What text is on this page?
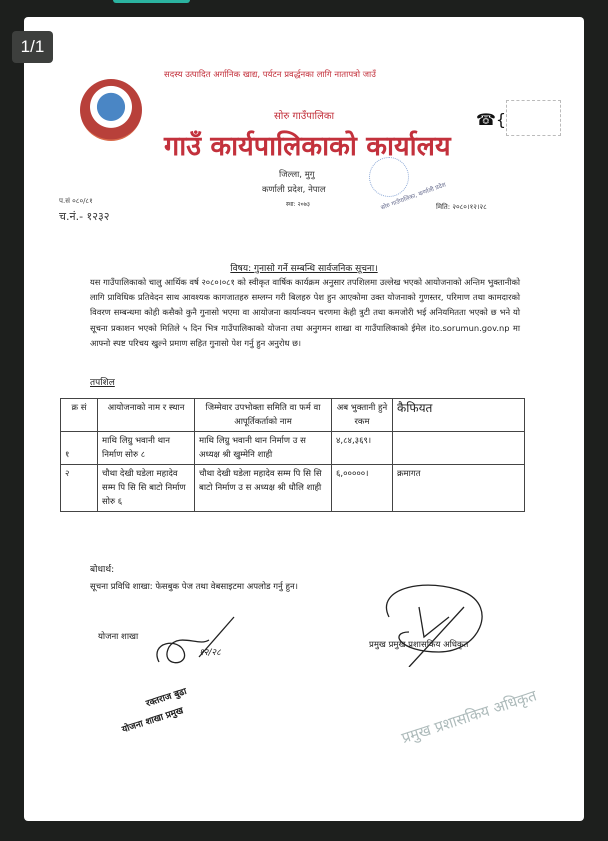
1/1
सदस्य उत्पादित अर्गानिक खाद्य, पर्यटन प्रवर्द्धनका लागि नातापत्रो जाउँ
सोरु गाउँपालिका
गाउँ कार्यपालिकाको कार्यालय
☎{
जिल्ला, मुगु
कर्णाली प्रदेश, नेपाल
स्था: २०७३	सोरु गाउँपालिका, कर्णाली प्रदेश
प.सं ०८०/८१
च.नं.- १२३२
मिति: २०८०।१२।२८
विषय: गुनासो गर्ने सम्बन्धि सार्वजनिक सूचना।
यस गाउँपालिकाको चालु आर्थिक वर्ष २०८०।०८१ को स्वीकृत वार्षिक कार्यक्रम अनुसार तपशिलमा उल्लेख भएको आयोजनाको अन्तिम भुक्तानीको लागि प्राविधिक प्रतिवेदन साथ आवश्यक कागजातहरु सम्लग्न गरी बिलहरु पेश हुन आएकोमा उक्त योजनाको गुणस्तर, परिमाण तथा कामदारको विवरण सम्बन्धमा कोही कसैको कुनै गुनासो भएमा वा आयोजना कार्यान्वयन चरणमा केही त्रुटी तथा कमजोरी भई अनियमितता भएको छ भने यो सूचना प्रकाशन भएको मितिले ५ दिन भित्र गाउँपालिकाको योजना तथा अनुगमन शाखा वा गाउँपालिकाको ईमेल ito.sorumun.gov.np मा आफ्नो स्पष्ट परिचय खुल्ने प्रमाण सहित गुनासो पेश गर्नु हुन अनुरोध छ।
तपशिल
क्र सं	आयोजनाको नाम र स्थान	जिम्मेवार उपभोक्ता समिति वा फर्म वा आपूर्तिकर्ताको नाम	अब भुक्तानी हुने रकम	कैफियत
१	माथि लिग्रु भवानी थान निर्माण सोरु ८	माथि लिग्रु भवानी थान निर्माण उ स अध्यक्ष श्री खुम्मेनि शाही	४,८४,३६९।	
२	चौथा देखी घडेला महादेव सम्म पि सि सि बाटो निर्माण सोरु ६	चौथा देखी घडेला महादेव सम्म पि सि सि बाटो निर्माण उ स अध्यक्ष श्री धौलि शाही	६,०००००।	क्रमागत
बोधार्थ:
सूचना प्रविधि शाखा: फेसबुक पेज तथा वेबसाइटमा अपलोड गर्नु हुन।
योजना शाखा
१२/२८
रक्तराज बुढा
योजना शाखा प्रमुख
प्रमुख प्रमुख प्रशासकिय अधिकृत
प्रमुख प्रशासकिय अधिकृत
